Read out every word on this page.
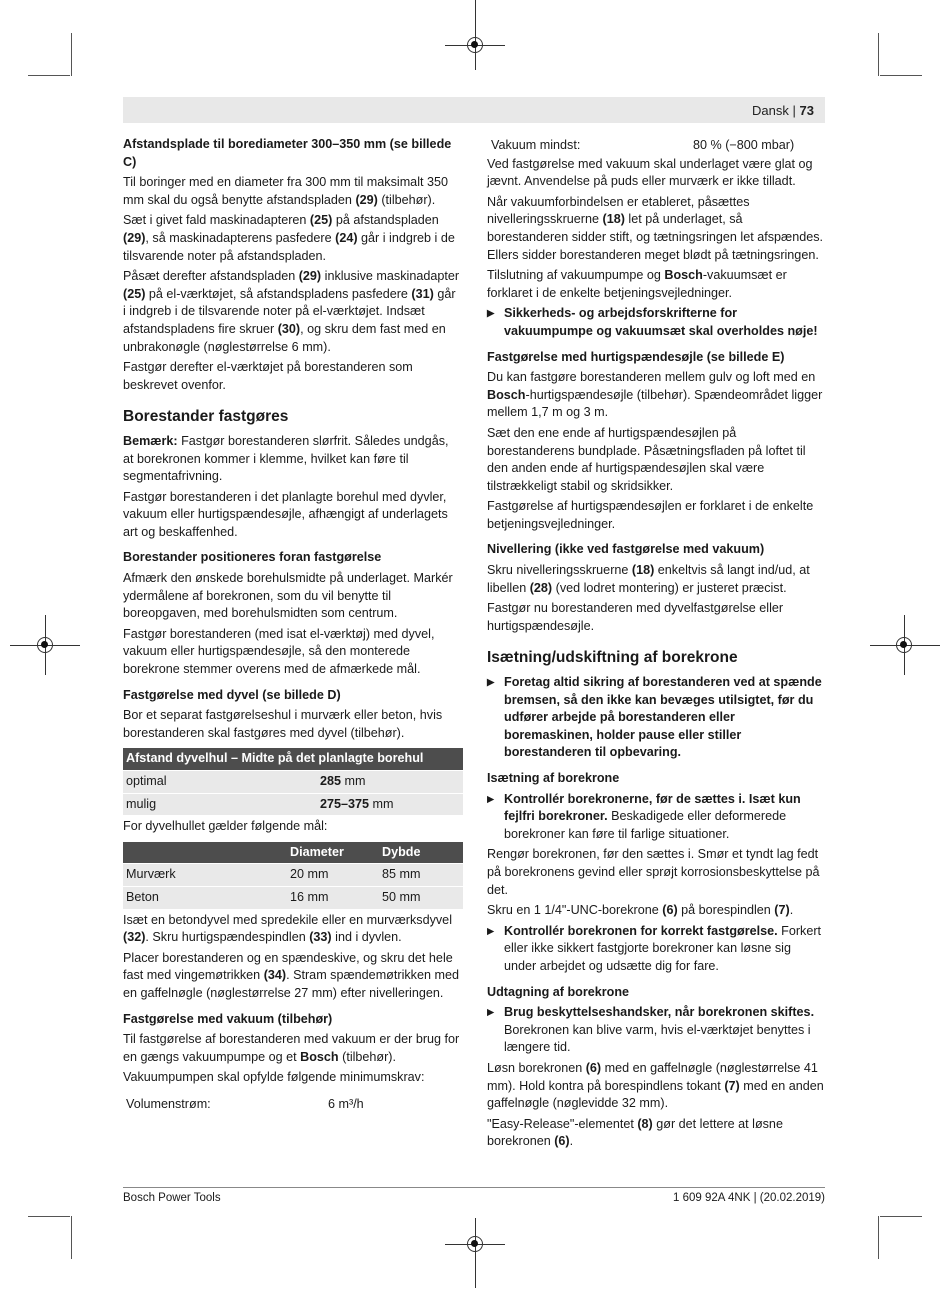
Dansk | 73
Afstandsplade til borediameter 300–350 mm (se billede C)

Til boringer med en diameter fra 300 mm til maksimalt 350 mm skal du også benytte afstandspladen (29) (tilbehør).

Sæt i givet fald maskinadapteren (25) på afstandspladen (29), så maskinadapterens pasfedere (24) går i indgreb i de tilsvarende noter på afstandspladen.

Påsæt derefter afstandspladen (29) inklusive maskinadapter (25) på el-værktøjet, så afstandspladens pasfedere (31) går i indgreb i de tilsvarende noter på el-værktøjet. Indsæt afstandspladens fire skruer (30), og skru dem fast med en unbrakonøgle (nøglestørrelse 6 mm).

Fastgør derefter el-værktøjet på borestanderen som beskrevet ovenfor.

Borestander fastgøres

Bemærk: Fastgør borestanderen slørfrit. Således undgås, at borekronen kommer i klemme, hvilket kan føre til segmentafrivning.

Fastgør borestanderen i det planlagte borehul med dyvler, vakuum eller hurtigspændesøjle, afhængigt af underlagets art og beskaffenhed.

Borestander positioneres foran fastgørelse

Afmærk den ønskede borehulsmidte på underlaget. Markér ydermålene af borekronen, som du vil benytte til boreopgaven, med borehulsmidten som centrum.

Fastgør borestanderen (med isat el-værktøj) med dyvel, vakuum eller hurtigspændesøjle, så den monterede borekrone stemmer overens med de afmærkede mål.

Fastgørelse med dyvel (se billede D)

Bor et separat fastgørelseshul i murværk eller beton, hvis borestanderen skal fastgøres med dyvel (tilbehør).

Afstand dyvelhul – Midte på det planlagte borehul	
optimal	285 mm
mulig	275–375 mm

For dyvelhullet gælder følgende mål:

	Diameter	Dybde
Murværk	20 mm	85 mm
Beton	16 mm	50 mm

Isæt en betondyvel med spredekile eller en murværksdyvel (32). Skru hurtigspændespindlen (33) ind i dyvlen.

Placer borestanderen og en spændeskive, og skru det hele fast med vingemøtrikken (34). Stram spændemøtrikken med en gaffelnøgle (nøglestørrelse 27 mm) efter nivelleringen.

Fastgørelse med vakuum (tilbehør)

Til fastgørelse af borestanderen med vakuum er der brug for en gængs vakuumpumpe og et Bosch (tilbehør).

Vakuumpumpen skal opfylde følgende minimumskrav:

Volumenstrøm:	6 m³/h
Vakuum mindst:	80 % (−800 mbar)

Ved fastgørelse med vakuum skal underlaget være glat og jævnt. Anvendelse på puds eller murværk er ikke tilladt.

Når vakuumforbindelsen er etableret, påsættes nivelleringsskruerne (18) let på underlaget, så borestanderen sidder stift, og tætningsringen let afspændes. Ellers sidder borestanderen meget blødt på tætningsringen.

Tilslutning af vakuumpumpe og Bosch-vakuumsæt er forklaret i de enkelte betjeningsvejledninger.

▶ Sikkerheds- og arbejdsforskrifterne for vakuumpumpe og vakuumsæt skal overholdes nøje!
Fastgørelse med hurtigspændesøjle (se billede E)

Du kan fastgøre borestanderen mellem gulv og loft med en Bosch-hurtigspændesøjle (tilbehør). Spændeområdet ligger mellem 1,7 m og 3 m.

Sæt den ene ende af hurtigspændesøjlen på borestanderens bundplade. Påsætningsfladen på loftet til den anden ende af hurtigspændesøjlen skal være tilstrækkeligt stabil og skridsikker.

Fastgørelse af hurtigspændesøjlen er forklaret i de enkelte betjeningsvejledninger.

Nivellering (ikke ved fastgørelse med vakuum)

Skru nivelleringsskruerne (18) enkeltvis så langt ind/ud, at libellen (28) (ved lodret montering) er justeret præcist.

Fastgør nu borestanderen med dyvelfastgørelse eller hurtigspændesøjle.

Isætning/udskiftning af borekrone
▶ Foretag altid sikring af borestanderen ved at spænde bremsen, så den ikke kan bevæges utilsigtet, før du udfører arbejde på borestanderen eller boremaskinen, holder pause eller stiller borestanderen til opbevaring.
Isætning af borekrone
▶ Kontrollér borekronerne, før de sættes i. Isæt kun fejlfri borekroner. Beskadigede eller deformerede borekroner kan føre til farlige situationer.

Rengør borekronen, før den sættes i. Smør et tyndt lag fedt på borekronens gevind eller sprøjt korrosionsbeskyttelse på det.

Skru en 1 1/4"-UNC-borekrone (6) på borespindlen (7).

▶ Kontrollér borekronen for korrekt fastgørelse. Forkert eller ikke sikkert fastgjorte borekroner kan løsne sig under arbejdet og udsætte dig for fare.
Udtagning af borekrone
▶ Brug beskyttelseshandsker, når borekronen skiftes. Borekronen kan blive varm, hvis el-værktøjet benyttes i længere tid.

Løsn borekronen (6) med en gaffelnøgle (nøglestørrelse 41 mm). Hold kontra på borespindlens tokant (7) med en anden gaffelnøgle (nøglevidde 32 mm).

"Easy-Release"-elementet (8) gør det lettere at løsne borekronen (6).

Bosch Power Tools	1 609 92A 4NK | (20.02.2019)
